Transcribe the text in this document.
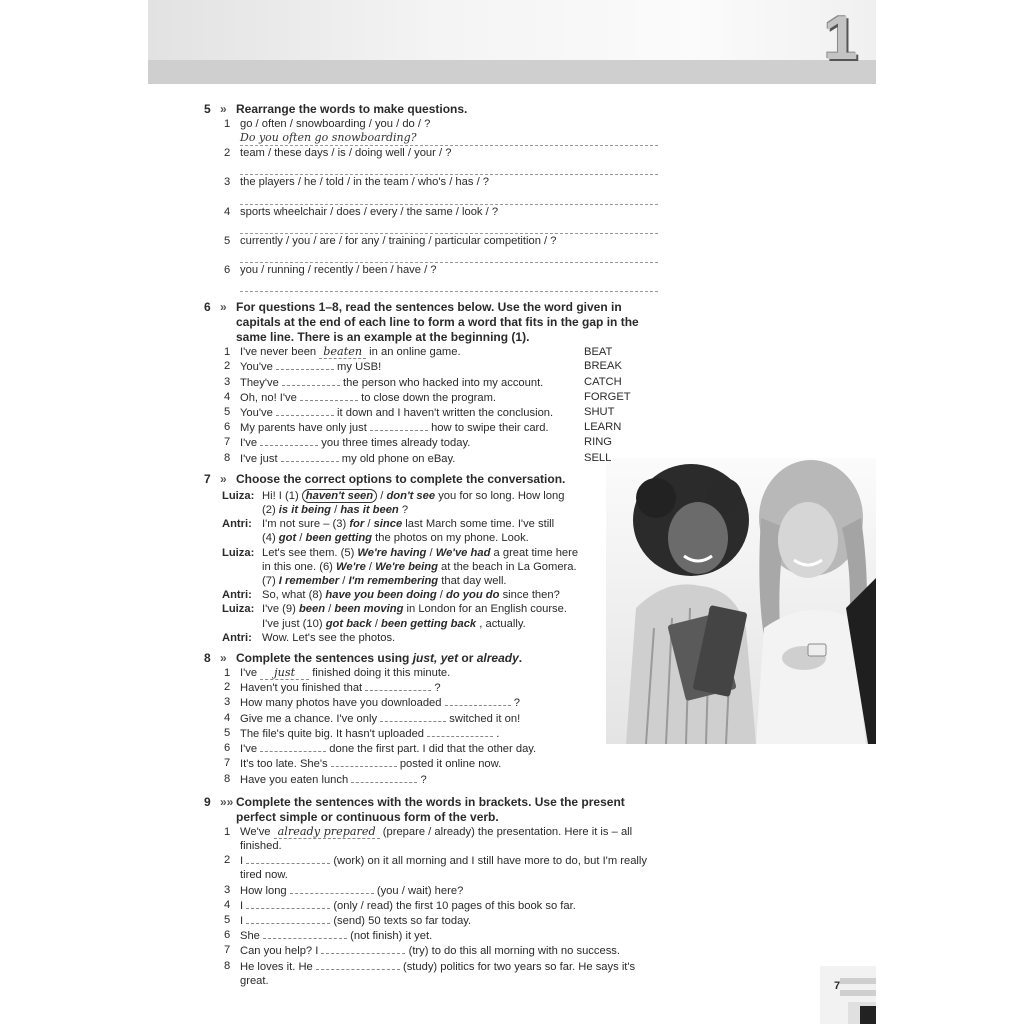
1
5 » Rearrange the words to make questions.
1 go / often / snowboarding / you / do / ?
Do you often go snowboarding?
2 team / these days / is / doing well / your / ?
3 the players / he / told / in the team / who's / has / ?
4 sports wheelchair / does / every / the same / look / ?
5 currently / you / are / for any / training / particular competition / ?
6 you / running / recently / been / have / ?
6 » For questions 1–8, read the sentences below. Use the word given in capitals at the end of each line to form a word that fits in the gap in the same line. There is an example at the beginning (1).
1 I've never been beaten in an online game.	BEAT
2 You've	my USB!	BREAK
3 They've	the person who hacked into my account.	CATCH
4 Oh, no! I've	to close down the program.	FORGET
5 You've	it down and I haven't written the conclusion.	SHUT
6 My parents have only just	how to swipe their card.	LEARN
7 I've	you three times already today.	RING
8 I've just	my old phone on eBay.	SELL
7 » Choose the correct options to complete the conversation.
Luiza: Hi! I (1) haven't seen / don't see you for so long. How long
(2) is it being / has it been ?
Antri: I'm not sure – (3) for / since last March some time. I've still
(4) got / been getting the photos on my phone. Look.
Luiza: Let's see them. (5) We're having / We've had a great time here
in this one. (6) We're / We're being at the beach in La Gomera.
(7) I remember / I'm remembering that day well.
Antri: So, what (8) have you been doing / do you do since then?
Luiza: I've (9) been / been moving in London for an English course.
I've just (10) got back / been getting back , actually.
Antri: Wow. Let's see the photos.
8 » Complete the sentences using just, yet or already.
1 I've just finished doing it this minute.
2 Haven't you finished that	?
3 How many photos have you downloaded	?
4 Give me a chance. I've only	switched it on!
5 The file's quite big. It hasn't uploaded	.
6 I've	done the first part. I did that the other day.
7 It's too late. She's	posted it online now.
8 Have you eaten lunch	?
9 »» Complete the sentences with the words in brackets. Use the present perfect simple or continuous form of the verb.
1 We've already prepared (prepare / already) the presentation. Here it is – all finished.
2 I	(work) on it all morning and I still have more to do, but I'm really tired now.
3 How long	(you / wait) here?
4 I	(only / read) the first 10 pages of this book so far.
5 I	(send) 50 texts so far today.
6 She	(not finish) it yet.
7 Can you help? I	(try) to do this all morning with no success.
8 He loves it. He	(study) politics for two years so far. He says it's great.	7
